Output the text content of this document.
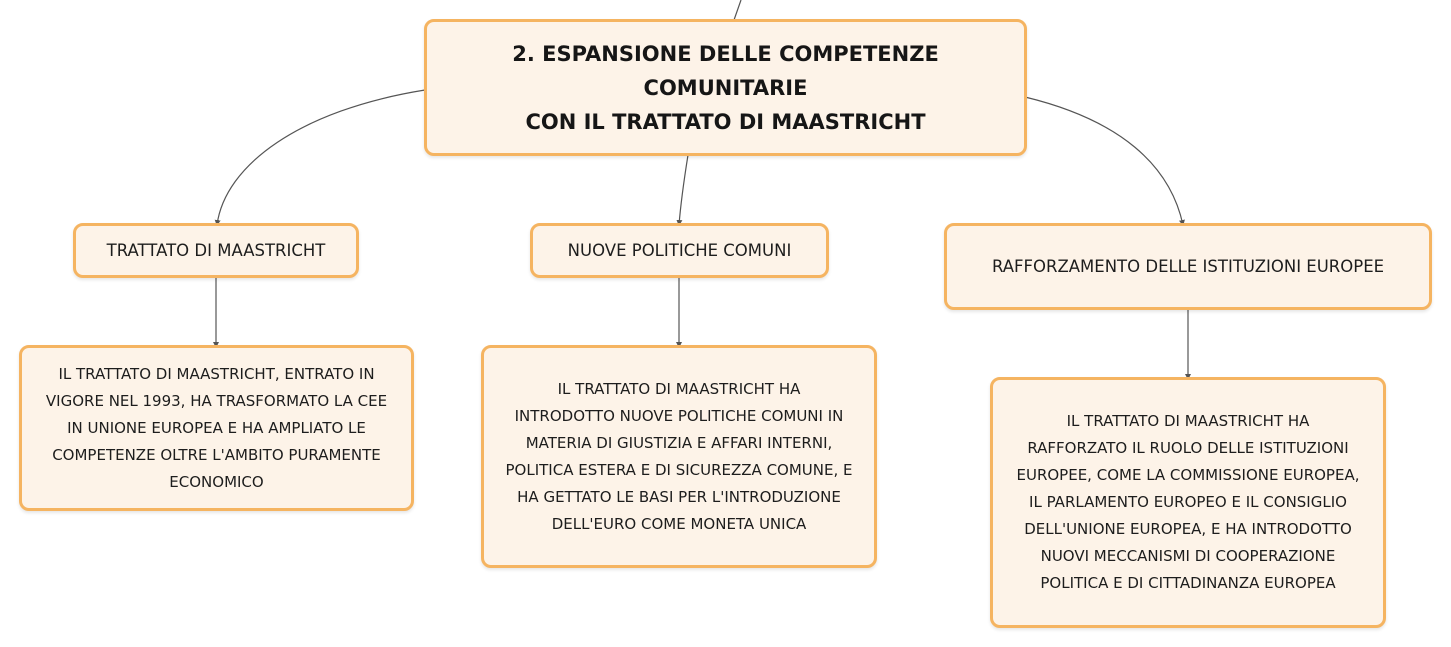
2. ESPANSIONE DELLE COMPETENZE COMUNITARIE
CON IL TRATTATO DI MAASTRICHT
TRATTATO DI MAASTRICHT	NUOVE POLITICHE COMUNI
RAFFORZAMENTO DELLE ISTITUZIONI EUROPEE
IL TRATTATO DI MAASTRICHT, ENTRATO IN
VIGORE NEL 1993, HA TRASFORMATO LA CEE
IN UNIONE EUROPEA E HA AMPLIATO LE
COMPETENZE OLTRE L'AMBITO PURAMENTE
ECONOMICO
IL TRATTATO DI MAASTRICHT HA
INTRODOTTO NUOVE POLITICHE COMUNI IN
MATERIA DI GIUSTIZIA E AFFARI INTERNI,
POLITICA ESTERA E DI SICUREZZA COMUNE, E
HA GETTATO LE BASI PER L'INTRODUZIONE
DELL'EURO COME MONETA UNICA
IL TRATTATO DI MAASTRICHT HA
RAFFORZATO IL RUOLO DELLE ISTITUZIONI
EUROPEE, COME LA COMMISSIONE EUROPEA,
IL PARLAMENTO EUROPEO E IL CONSIGLIO
DELL'UNIONE EUROPEA, E HA INTRODOTTO
NUOVI MECCANISMI DI COOPERAZIONE
POLITICA E DI CITTADINANZA EUROPEA
